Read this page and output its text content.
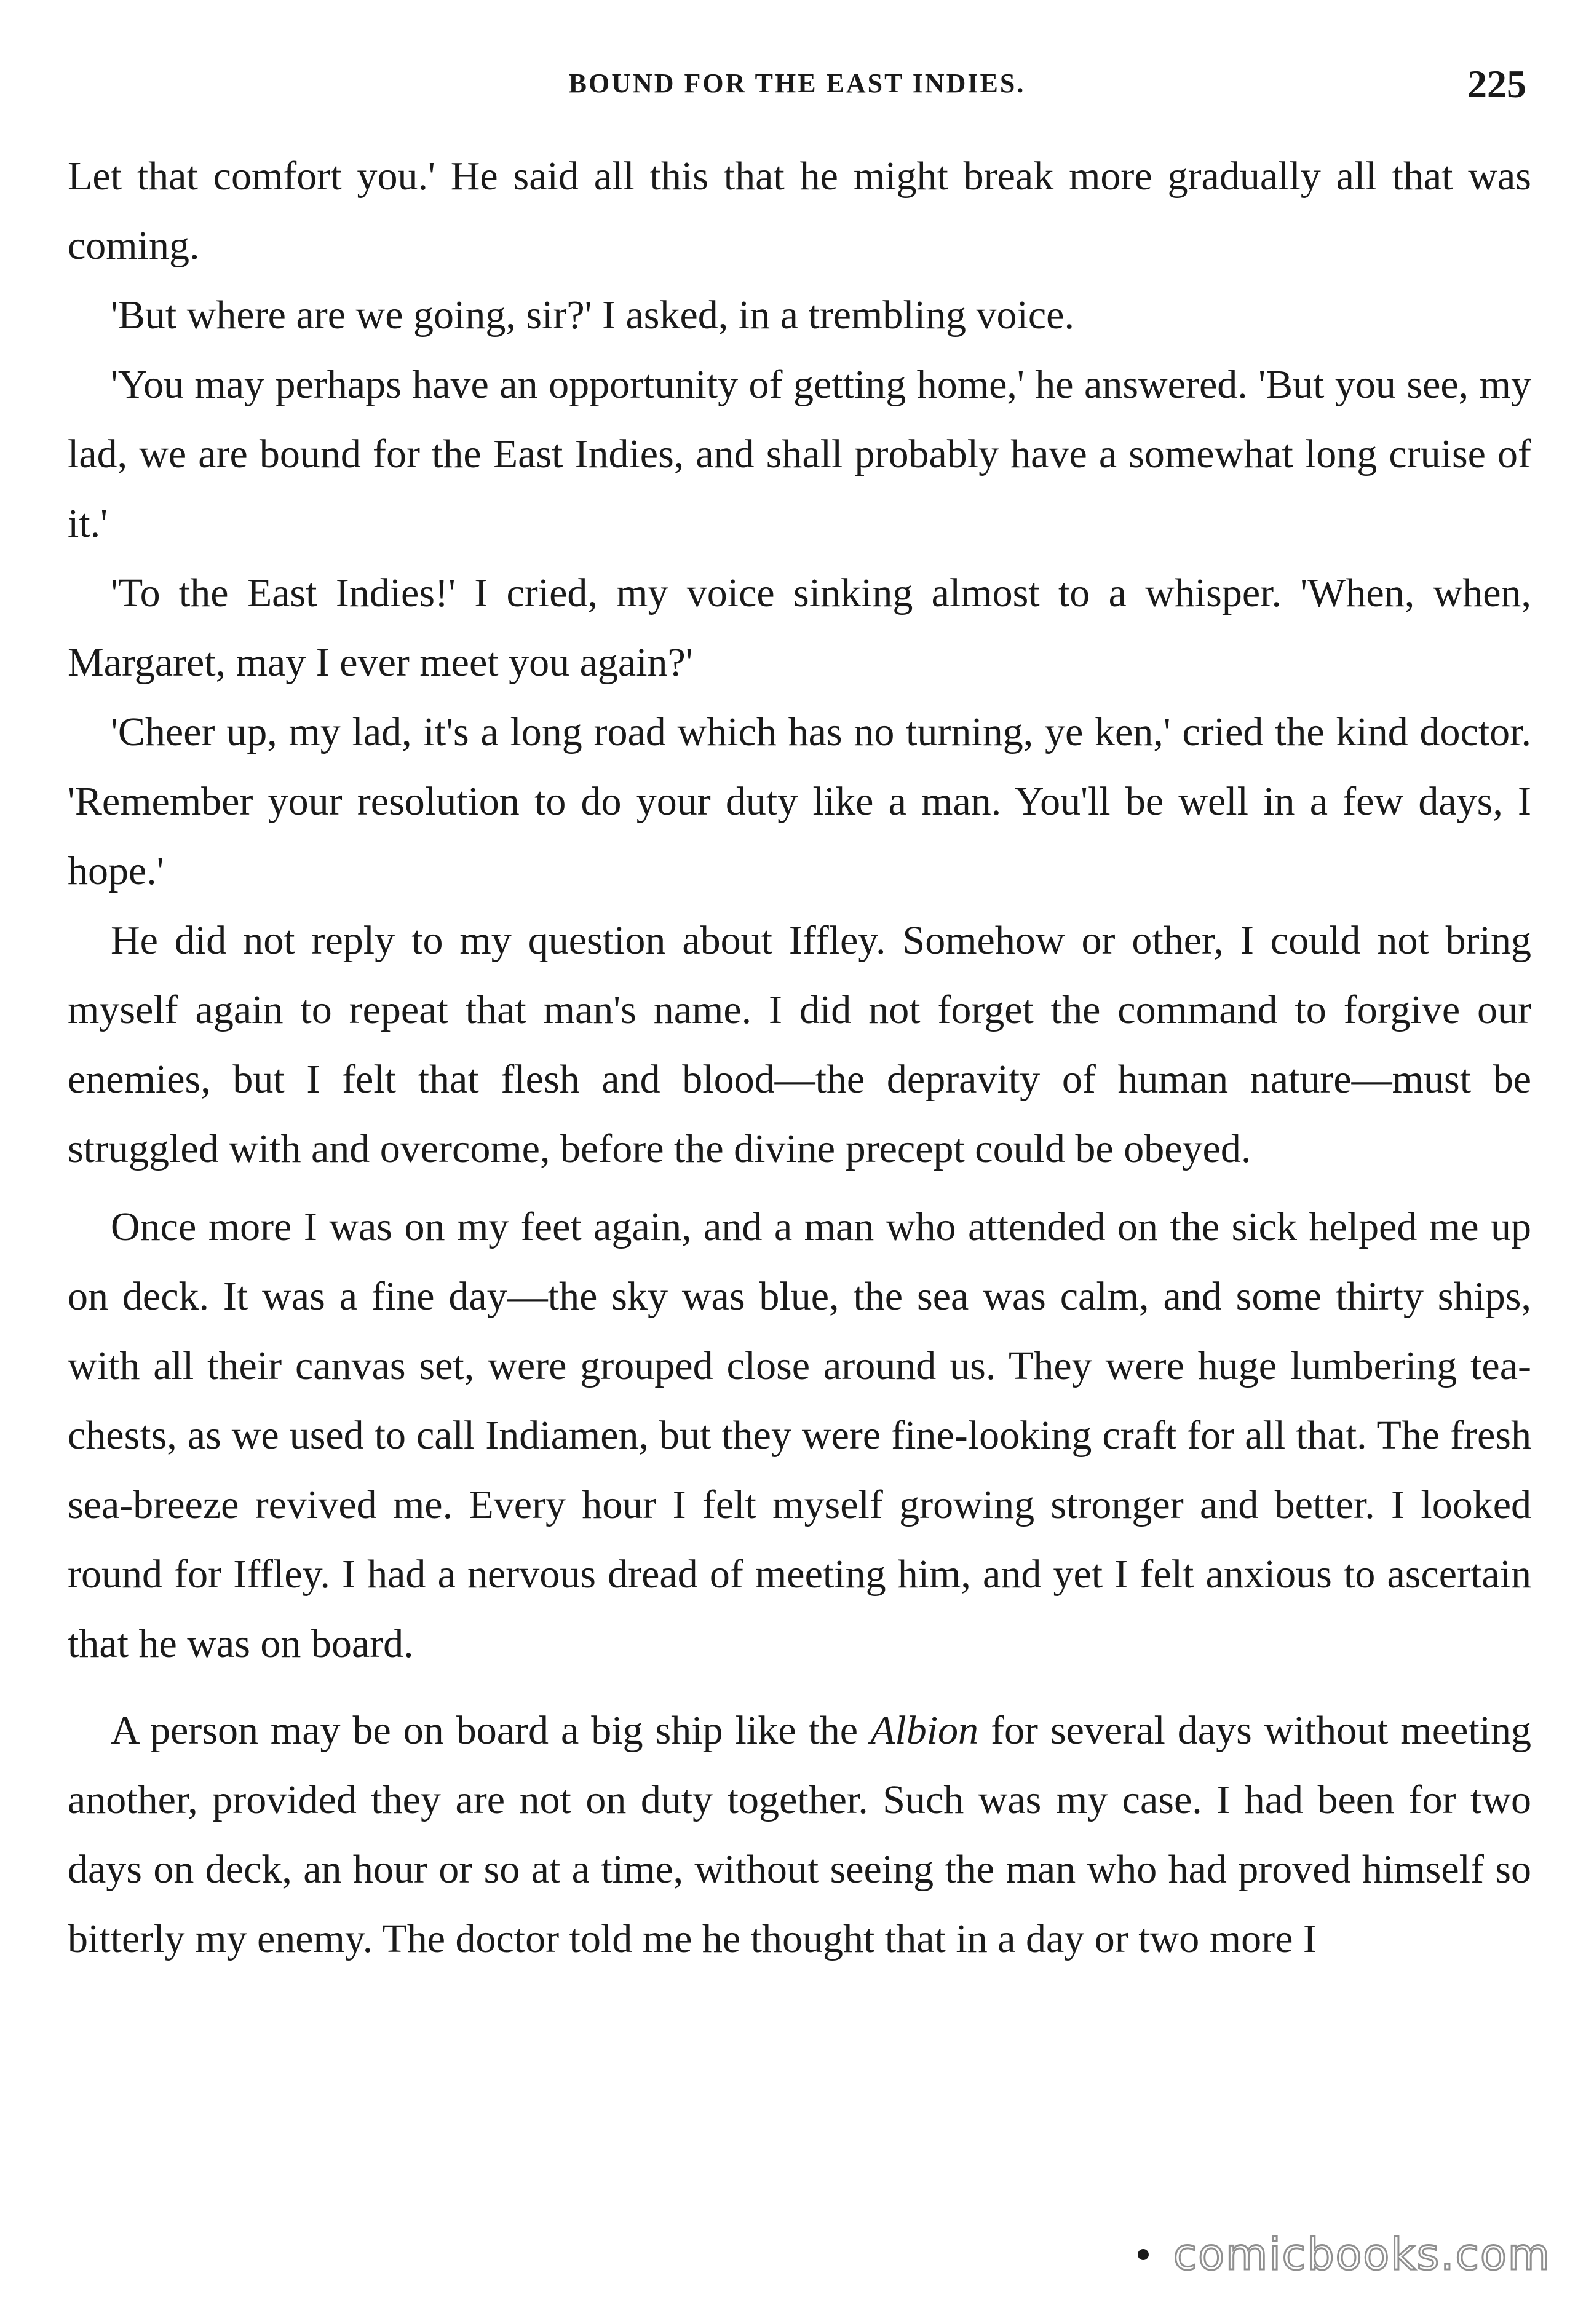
BOUND FOR THE EAST INDIES.	225

Let that comfort you.' He said all this that he might break more gradually all that was coming.

'But where are we going, sir?' I asked, in a trembling voice.

'You may perhaps have an opportunity of getting home,' he answered. 'But you see, my lad, we are bound for the East Indies, and shall probably have a somewhat long cruise of it.'

'To the East Indies!' I cried, my voice sinking almost to a whisper. 'When, when, Margaret, may I ever meet you again?'

'Cheer up, my lad, it's a long road which has no turning, ye ken,' cried the kind doctor. 'Remember your resolution to do your duty like a man. You'll be well in a few days, I hope.'

He did not reply to my question about Iffley. Somehow or other, I could not bring myself again to repeat that man's name. I did not forget the command to forgive our enemies, but I felt that flesh and blood—the depravity of human nature—must be struggled with and overcome, before the divine precept could be obeyed.

Once more I was on my feet again, and a man who attended on the sick helped me up on deck. It was a fine day—the sky was blue, the sea was calm, and some thirty ships, with all their canvas set, were grouped close around us. They were huge lumbering tea-chests, as we used to call Indiamen, but they were fine-looking craft for all that. The fresh sea-breeze revived me. Every hour I felt myself growing stronger and better. I looked round for Iffley. I had a nervous dread of meeting him, and yet I felt anxious to ascertain that he was on board.

A person may be on board a big ship like the Albion for several days without meeting another, provided they are not on duty together. Such was my case. I had been for two days on deck, an hour or so at a time, without seeing the man who had proved himself so bitterly my enemy. The doctor told me he thought that in a day or two more I

comicbooks.com
